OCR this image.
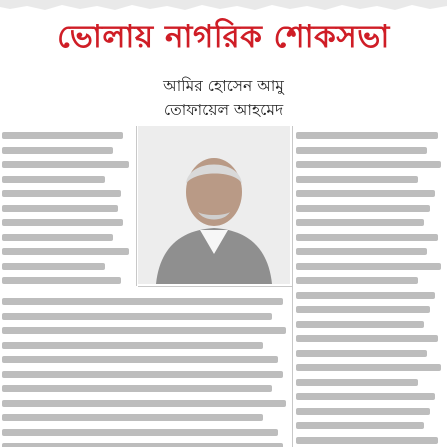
ভোলায় নাগরিক শোকসভা
আমির হোসেন আমু
তোফায়েল আহমেদ
